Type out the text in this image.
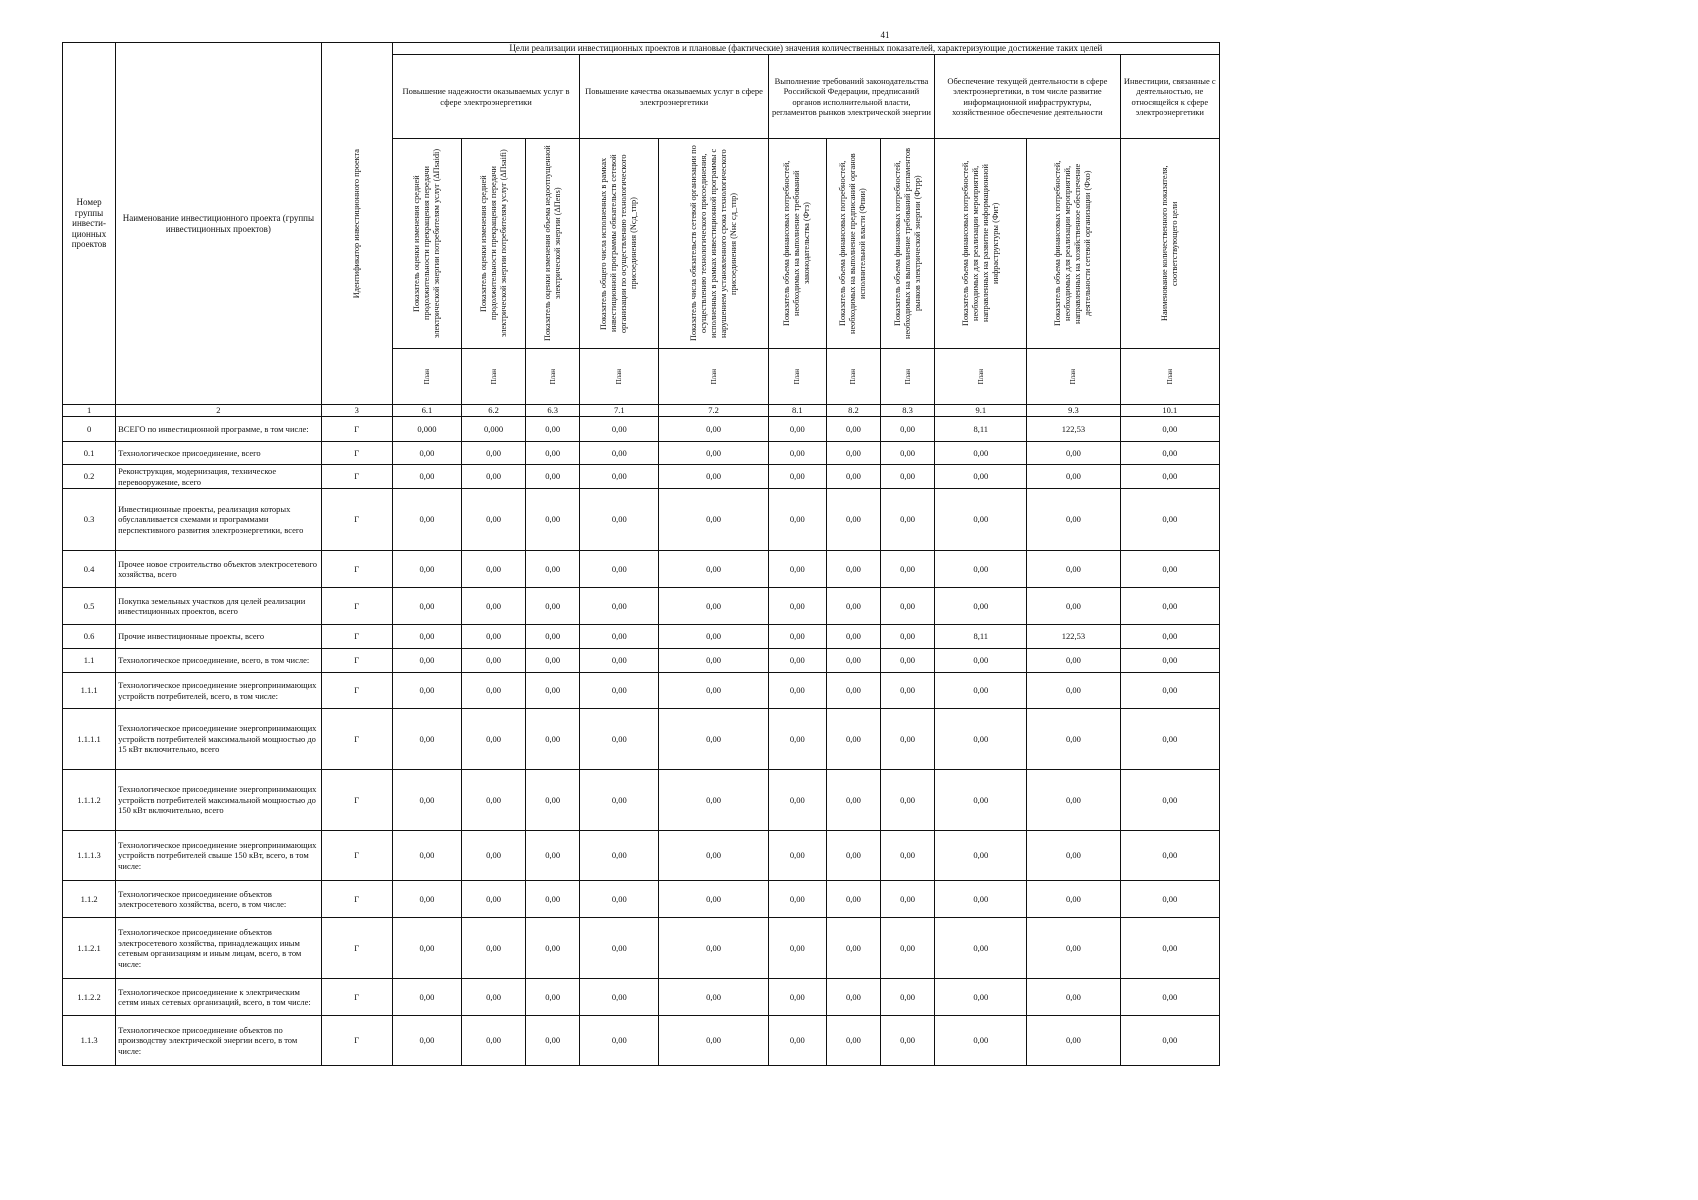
41
Номер группы инвести-ционных проектов	Наименование инвестиционного проекта (группы инвестиционных проектов)	Идентификатор инвестиционного проекта	Цели реализации инвестиционных проектов и плановые (фактические) значения количественных показателей, характеризующие достижение таких целей										
			Повышение надежности оказываемых услуг в сфере электроэнергетики			Повышение качества оказываемых услуг в сфере электроэнергетики		Выполнение требований законодательства Российской Федерации, предписаний органов исполнительной власти, регламентов рынков электрической энергии			Обеспечение текущей деятельности в сфере электроэнергетики, в том числе развитие информационной инфраструктуры, хозяйственное обеспечение деятельности		Инвестиции, связанные с деятельностью, не относящейся к сфере электроэнергетики

			Показатель оценки изменения средней продолжительности прекращения передачи электрической энергии потребителям услуг (ΔПsaidi)	Показатель оценки изменения средней продолжительности прекращения передачи электрической энергии потребителям услуг (ΔПsaifi)	Показатель оценки изменения объема недоотпущенной электрической энергии (ΔПens)	Показатель общего числа исполненных в рамках инвестиционной программы обязательств сетевой организации по осуществлению технологического присоединения (Nсд_тпр)	Показатель числа обязательств сетевой организации по осуществлению технологического присоединения, исполненных в рамках инвестиционной программы с нарушением установленного срока технологического присоединения (Nнс сд_тпр)	Показатель объема финансовых потребностей, необходимых на выполнение требований законодательства (Фтз)	Показатель объема финансовых потребностей, необходимых на выполнение предписаний органов исполнительной власти (Фпии)	Показатель объема финансовых потребностей, необходимых на выполнение требований регламентов рынков электрической энергии (Фтрр)	Показатель объема финансовых потребностей, необходимых для реализации мероприятий, направленных на развитие информационной инфраструктуры (Фит)	Показатель объема финансовых потребностей, необходимых для реализации мероприятий, направленных на хозяйственное обеспечение деятельности сетевой организации (Фхо)	Наименование количественного показателя, соответствующего цели

			План	План	План	План	План	План	План	План	План	План	План

1	2	3	6.1	6.2	6.3	7.1	7.2	8.1	8.2	8.3	9.1	9.3	10.1
0	ВСЕГО по инвестиционной программе, в том числе:	Г	0,000	0,000	0,00	0,00	0,00	0,00	0,00	0,00	8,11	122,53	0,00
0.1	Технологическое присоединение, всего	Г	0,00	0,00	0,00	0,00	0,00	0,00	0,00	0,00	0,00	0,00	0,00
0.2	Реконструкция, модернизация, техническое перевооружение, всего	Г	0,00	0,00	0,00	0,00	0,00	0,00	0,00	0,00	0,00	0,00	0,00
0.3	Инвестиционные проекты, реализация которых обуславливается схемами и программами перспективного развития электроэнергетики, всего	Г	0,00	0,00	0,00	0,00	0,00	0,00	0,00	0,00	0,00	0,00	0,00
0.4	Прочее новое строительство объектов электросетевого хозяйства, всего	Г	0,00	0,00	0,00	0,00	0,00	0,00	0,00	0,00	0,00	0,00	0,00
0.5	Покупка земельных участков для целей реализации инвестиционных проектов, всего	Г	0,00	0,00	0,00	0,00	0,00	0,00	0,00	0,00	0,00	0,00	0,00
0.6	Прочие инвестиционные проекты, всего	Г	0,00	0,00	0,00	0,00	0,00	0,00	0,00	0,00	8,11	122,53	0,00
1.1	Технологическое присоединение, всего, в том числе:	Г	0,00	0,00	0,00	0,00	0,00	0,00	0,00	0,00	0,00	0,00	0,00
1.1.1	Технологическое присоединение энергопринимающих устройств потребителей, всего, в том числе:	Г	0,00	0,00	0,00	0,00	0,00	0,00	0,00	0,00	0,00	0,00	0,00
1.1.1.1	Технологическое присоединение энергопринимающих устройств потребителей максимальной мощностью до 15 кВт включительно, всего	Г	0,00	0,00	0,00	0,00	0,00	0,00	0,00	0,00	0,00	0,00	0,00
1.1.1.2	Технологическое присоединение энергопринимающих устройств потребителей максимальной мощностью до 150 кВт включительно, всего	Г	0,00	0,00	0,00	0,00	0,00	0,00	0,00	0,00	0,00	0,00	0,00
1.1.1.3	Технологическое присоединение энергопринимающих устройств потребителей свыше 150 кВт, всего, в том числе:	Г	0,00	0,00	0,00	0,00	0,00	0,00	0,00	0,00	0,00	0,00	0,00
1.1.2	Технологическое присоединение объектов электросетевого хозяйства, всего, в том числе:	Г	0,00	0,00	0,00	0,00	0,00	0,00	0,00	0,00	0,00	0,00	0,00
1.1.2.1	Технологическое присоединение объектов электросетевого хозяйства, принадлежащих иным сетевым организациям и иным лицам, всего, в том числе:	Г	0,00	0,00	0,00	0,00	0,00	0,00	0,00	0,00	0,00	0,00	0,00
1.1.2.2	Технологическое присоединение к электрическим сетям иных сетевых организаций, всего, в том числе:	Г	0,00	0,00	0,00	0,00	0,00	0,00	0,00	0,00	0,00	0,00	0,00
1.1.3	Технологическое присоединение объектов по производству электрической энергии всего, в том числе:	Г	0,00	0,00	0,00	0,00	0,00	0,00	0,00	0,00	0,00	0,00	0,00
